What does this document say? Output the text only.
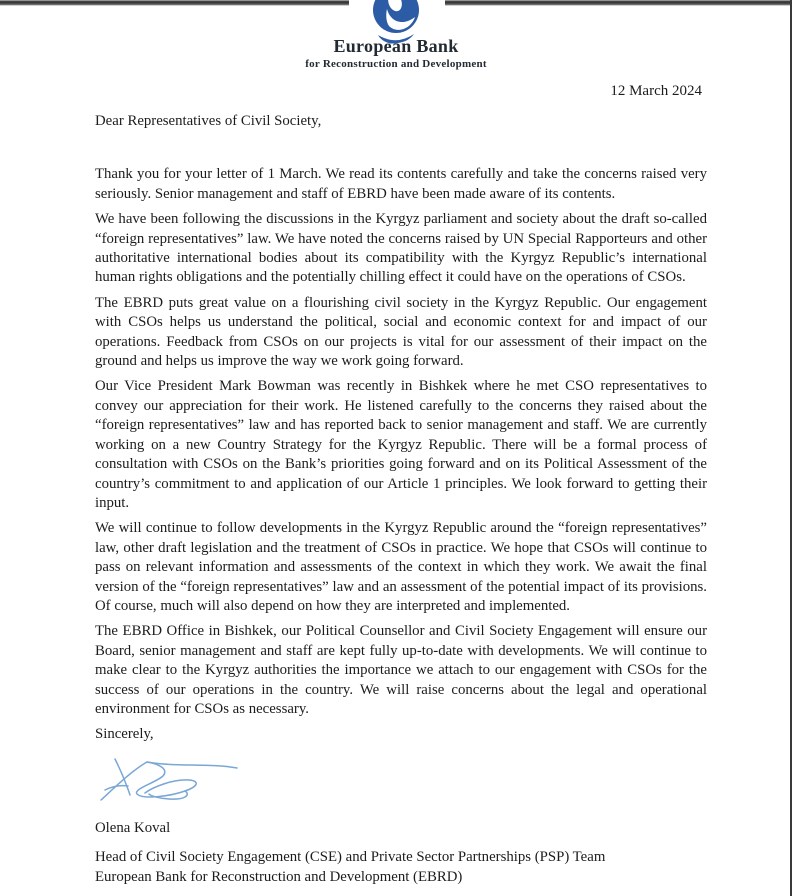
European Bank
for Reconstruction and Development
12 March 2024

Dear Representatives of Civil Society,

Thank you for your letter of 1 March. We read its contents carefully and take the concerns raised very seriously. Senior management and staff of EBRD have been made aware of its contents.

We have been following the discussions in the Kyrgyz parliament and society about the draft so-called “foreign representatives” law. We have noted the concerns raised by UN Special Rapporteurs and other authoritative international bodies about its compatibility with the Kyrgyz Republic’s international human rights obligations and the potentially chilling effect it could have on the operations of CSOs.

The EBRD puts great value on a flourishing civil society in the Kyrgyz Republic. Our engagement with CSOs helps us understand the political, social and economic context for and impact of our operations. Feedback from CSOs on our projects is vital for our assessment of their impact on the ground and helps us improve the way we work going forward.

Our Vice President Mark Bowman was recently in Bishkek where he met CSO representatives to convey our appreciation for their work. He listened carefully to the concerns they raised about the “foreign representatives” law and has reported back to senior management and staff. We are currently working on a new Country Strategy for the Kyrgyz Republic. There will be a formal process of consultation with CSOs on the Bank’s priorities going forward and on its Political Assessment of the country’s commitment to and application of our Article 1 principles. We look forward to getting their input.

We will continue to follow developments in the Kyrgyz Republic around the “foreign representatives” law, other draft legislation and the treatment of CSOs in practice. We hope that CSOs will continue to pass on relevant information and assessments of the context in which they work. We await the final version of the “foreign representatives” law and an assessment of the potential impact of its provisions. Of course, much will also depend on how they are interpreted and implemented.

The EBRD Office in Bishkek, our Political Counsellor and Civil Society Engagement will ensure our Board, senior management and staff are kept fully up-to-date with developments. We will continue to make clear to the Kyrgyz authorities the importance we attach to our engagement with CSOs for the success of our operations in the country. We will raise concerns about the legal and operational environment for CSOs as necessary.

Sincerely,

Olena Koval

Head of Civil Society Engagement (CSE) and Private Sector Partnerships (PSP) Team

European Bank for Reconstruction and Development (EBRD)
